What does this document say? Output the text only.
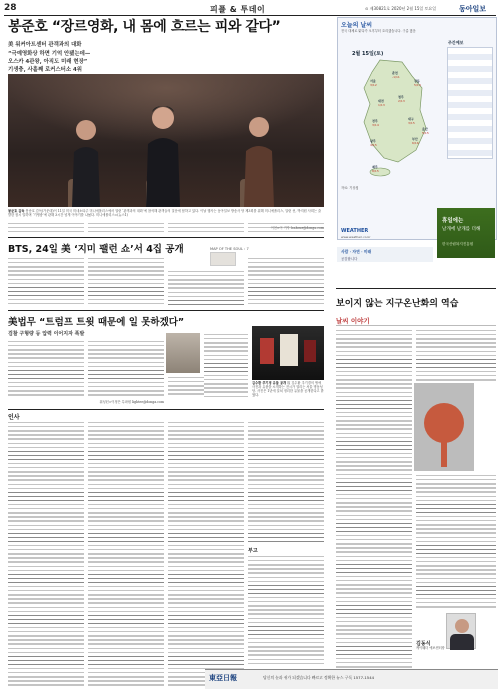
28	피플 & 투데이	⊙ 제30821호 2020년 2월 15일 토요일	동아일보
봉준호 “장르영화, 내 몸에 흐르는 피와 같다”
美 워커아트센터 관객과의 대화
“극예영화상 하면 기억 안됐는데—
오스카 4관왕, 아직도 미래 현장”
기생충, 사흘째 로커스터소 4위
봉준호 감독 봉준호 감독(가운데)이 11일 미국 미네소타주 미니애폴리스에서 열린 ‘관객과의 대화’에 참석해 관객들의 질문에 답하고 있다. 이날 행사는 동아일보 방송사 당 제3회를 위해 미니애폴리스, 알린 선, 박지원 사회는 출발한 잠시 말하며 ‘기생충’에 관해 3시간 넘게 이야기를 나눴다. 미니애폴리스=(뉴스1)
이천=이 기자 leabour@donga.com
BTS, 24일 美 ‘지미 팰런 쇼’서 4집 공개	MAP OF THE SOUL : 7
美법무 “트럼프 트윗 때문에 일 못하겠다”
검찰 구형량 등 압력 이어지자 폭발
김수환 추기경 유품 공개 故 김수환 추기경의 생애 사진과 유품을 소개하는 전시가 열리는 서울 명동성당. 사진은 1년에 걸쳐 정리한 유물을 공개한다고 밝혔다.
워싱턴=이정은 특파원 lightee@donga.com
인사
부고
오늘의 날씨
전국 대체로 맑다가 오후부터 흐리겠습니다. 구름 많음
2월 15일(토)
서울
3/12
춘천
-1/11
강릉
5/14
대전
1/13
청주
2/13
전주
3/14
광주
4/15
대구
3/15
부산
6/16
울산
5/15
제주
8/15
주간예보
자료: 기상청
WEATHER
www.weatheri.co.kr
휴일에는
날개에 날개를 더해
한국산림복지진흥원
사람 · 자연 · 미래
공감합니다
보이지 않는 지구온난화의 역습
날씨 이야기
김동식
케이웨더 예보센터장
東亞日報	당신의 눈과 귀가 되겠습니다 빠르고 정확한 뉴스 구독 1577-1544
